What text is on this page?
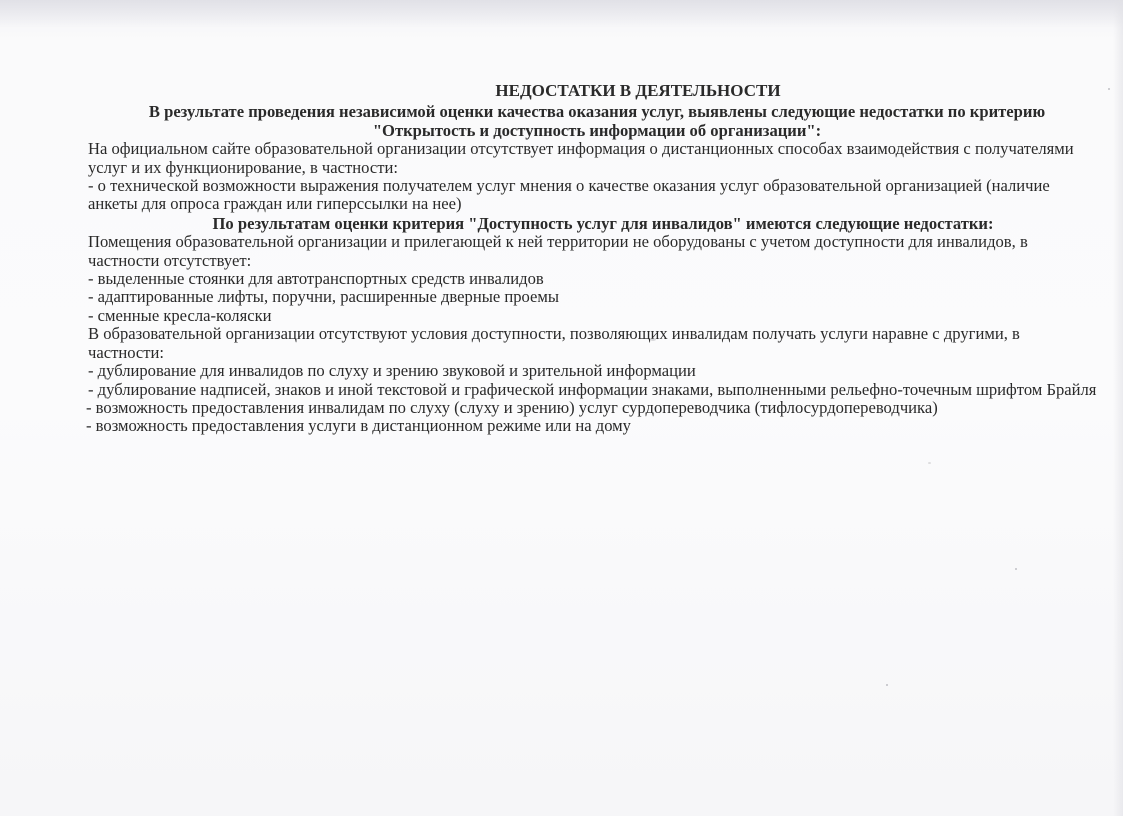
НЕДОСТАТКИ В ДЕЯТЕЛЬНОСТИ

В результате проведения независимой оценки качества оказания услуг, выявлены следующие недостатки по критерию "Открытость и доступность информации об организации":

На официальном сайте образовательной организации отсутствует информация о дистанционных способах взаимодействия с получателями услуг и их функционирование, в частности:

- о технической возможности выражения получателем услуг мнения о качестве оказания услуг образовательной организацией (наличие анкеты для опроса граждан или гиперссылки на нее)

По результатам оценки критерия "Доступность услуг для инвалидов" имеются следующие недостатки:

Помещения образовательной организации и прилегающей к ней территории не оборудованы с учетом доступности для инвалидов, в частности отсутствует:

- выделенные стоянки для автотранспортных средств инвалидов

- адаптированные лифты, поручни, расширенные дверные проемы

- сменные кресла-коляски

В образовательной организации отсутствуют условия доступности, позволяющих инвалидам получать услуги наравне с другими, в частности:

- дублирование для инвалидов по слуху и зрению звуковой и зрительной информации

- дублирование надписей, знаков и иной текстовой и графической информации знаками, выполненными рельефно-точечным шрифтом Брайля

- возможность предоставления инвалидам по слуху (слуху и зрению) услуг сурдопереводчика (тифлосурдопереводчика)

- возможность предоставления услуги в дистанционном режиме или на дому
